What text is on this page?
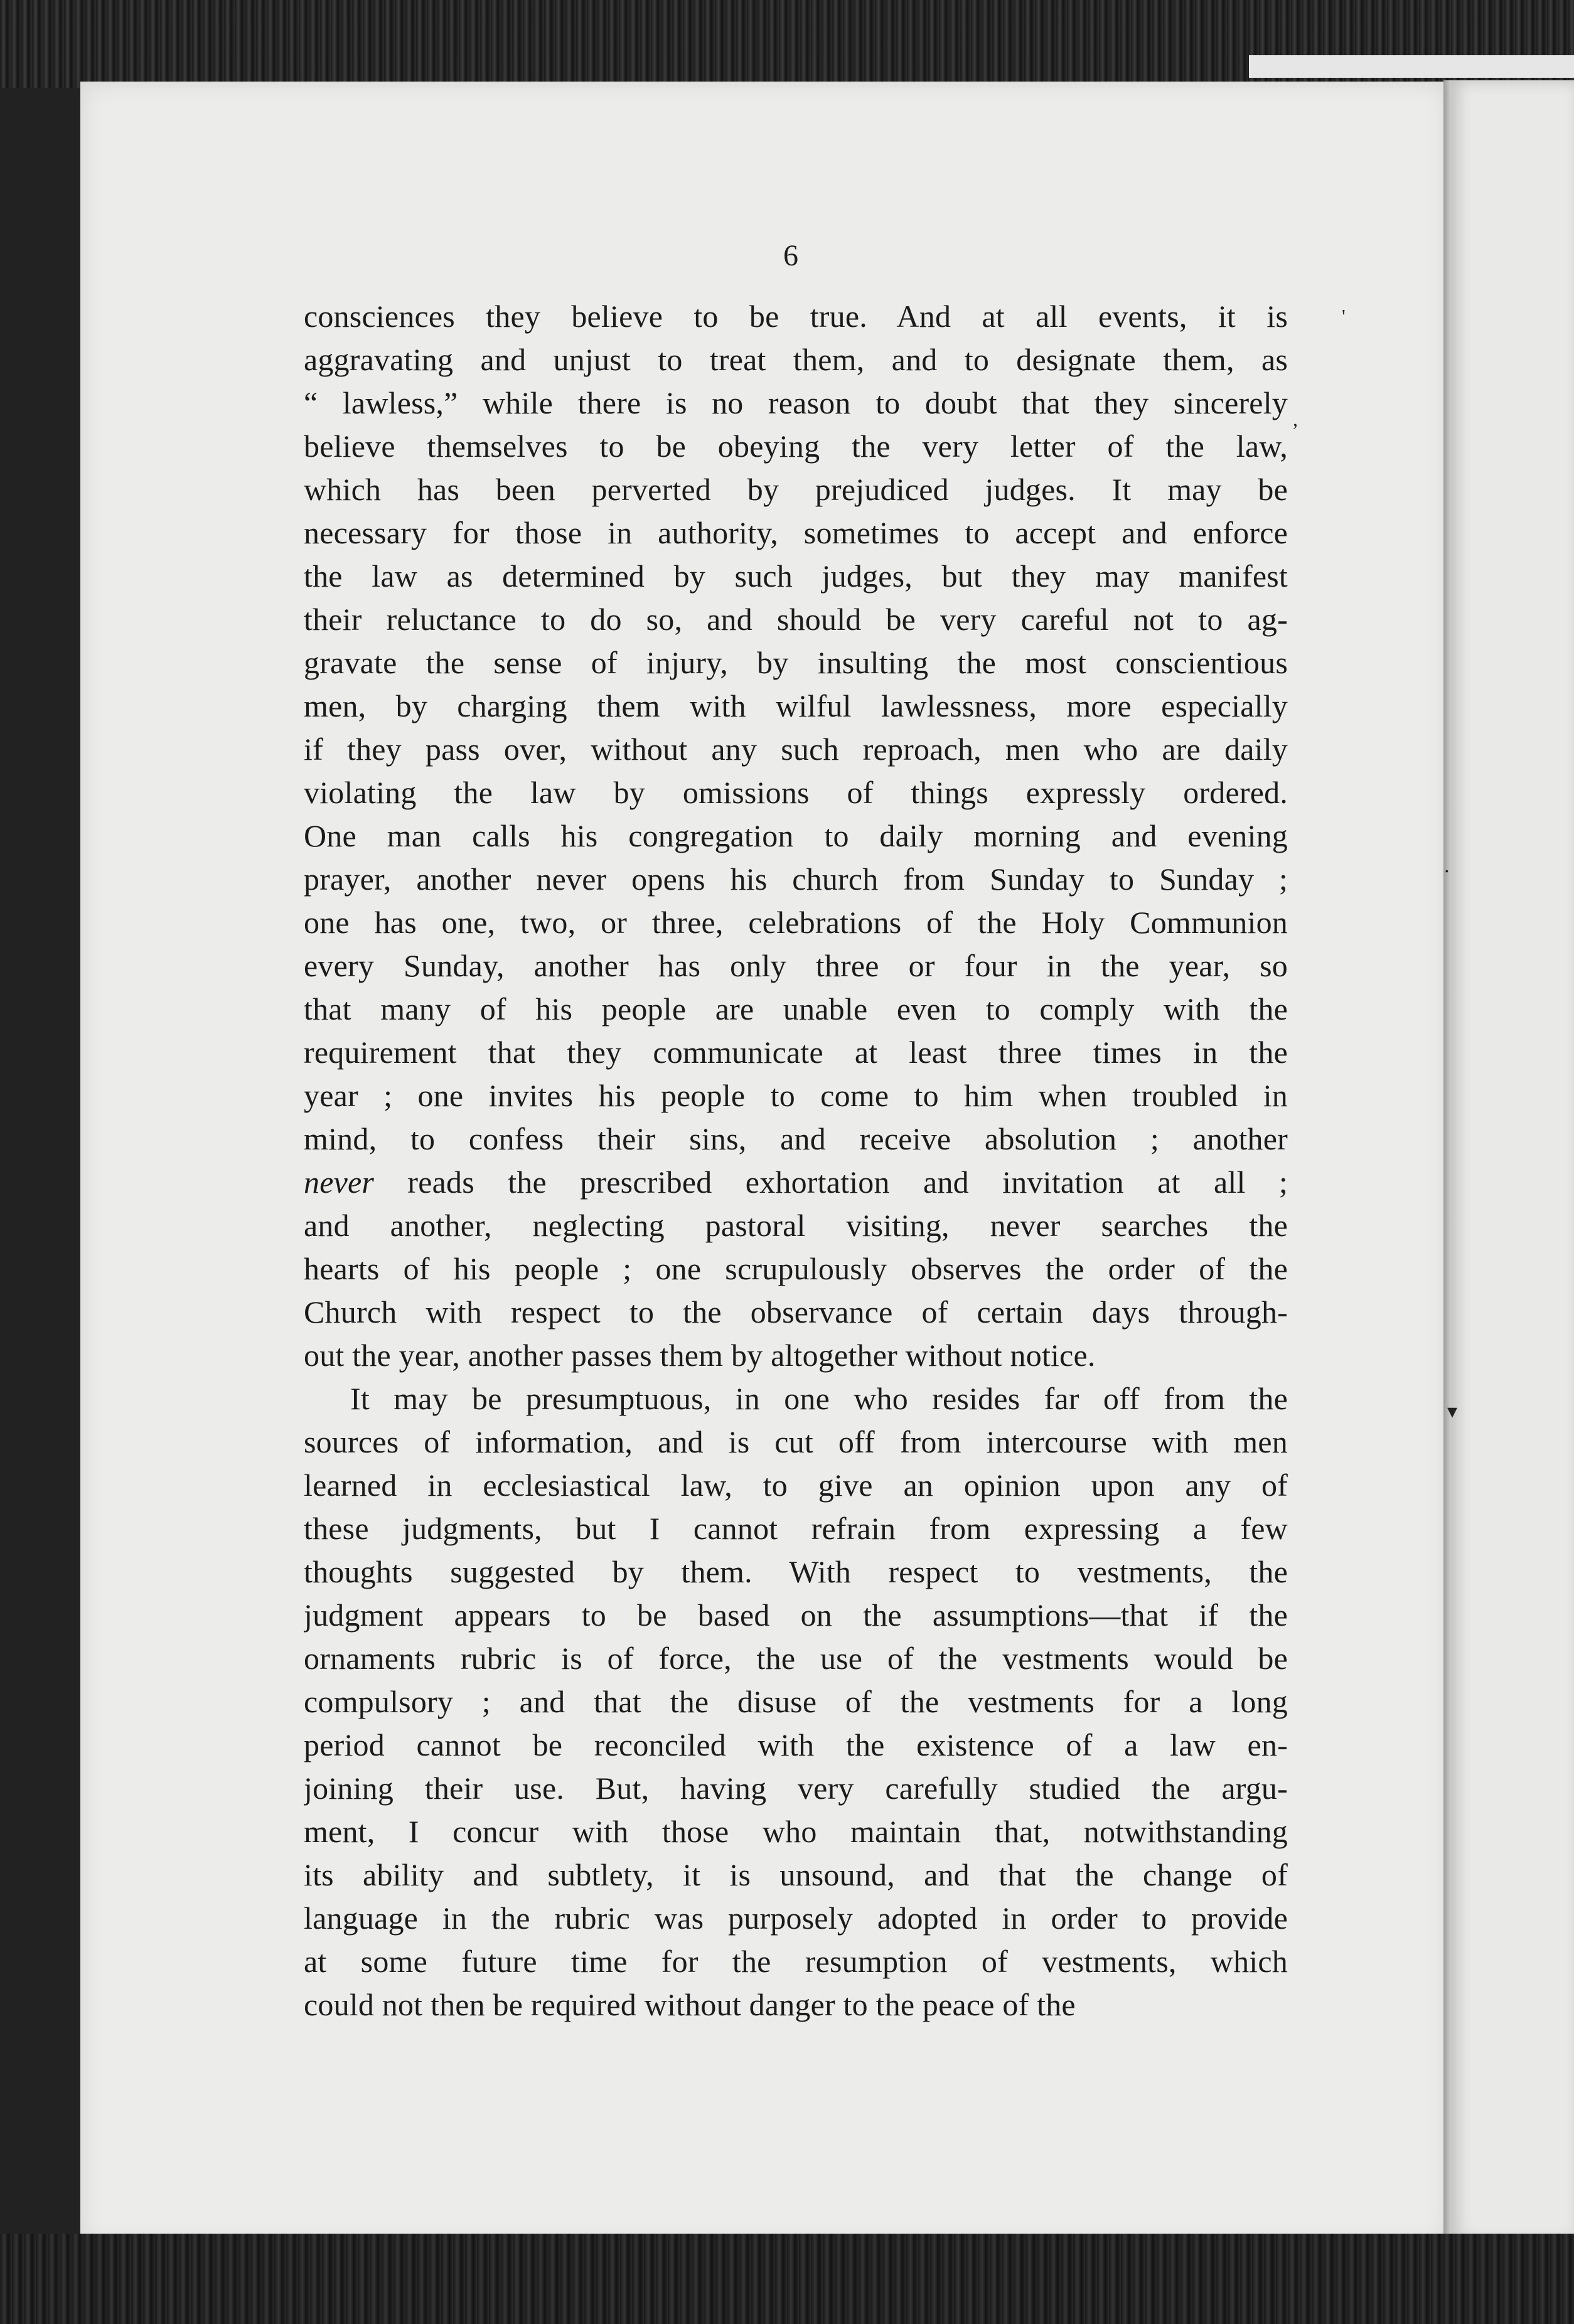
6
consciences they believe to be true. And at all events, it is
aggravating and unjust to treat them, and to designate them, as
“ lawless,” while there is no reason to doubt that they sincerely
believe themselves to be obeying the very letter of the law,
which has been perverted by prejudiced judges. It may be
necessary for those in authority, sometimes to accept and enforce
the law as determined by such judges, but they may manifest
their reluctance to do so, and should be very careful not to ag-
gravate the sense of injury, by insulting the most conscientious
men, by charging them with wilful lawlessness, more especially
if they pass over, without any such reproach, men who are daily
violating the law by omissions of things expressly ordered.
One man calls his congregation to daily morning and evening
prayer, another never opens his church from Sunday to Sunday ;
one has one, two, or three, celebrations of the Holy Communion
every Sunday, another has only three or four in the year, so
that many of his people are unable even to comply with the
requirement that they communicate at least three times in the
year ; one invites his people to come to him when troubled in
mind, to confess their sins, and receive absolution ; another
never reads the prescribed exhortation and invitation at all ;
and another, neglecting pastoral visiting, never searches the
hearts of his people ; one scrupulously observes the order of the
Church with respect to the observance of certain days through-
out the year, another passes them by altogether without notice.
It may be presumptuous, in one who resides far off from the
sources of information, and is cut off from intercourse with men
learned in ecclesiastical law, to give an opinion upon any of
these judgments, but I cannot refrain from expressing a few
thoughts suggested by them. With respect to vestments, the
judgment appears to be based on the assumptions—that if the
ornaments rubric is of force, the use of the vestments would be
compulsory ; and that the disuse of the vestments for a long
period cannot be reconciled with the existence of a law en-
joining their use. But, having very carefully studied the argu-
ment, I concur with those who maintain that, notwithstanding
its ability and subtlety, it is unsound, and that the change of
language in the rubric was purposely adopted in order to provide
at some future time for the resumption of vestments, which
could not then be required without danger to the peace of the
'
,
·
▾
